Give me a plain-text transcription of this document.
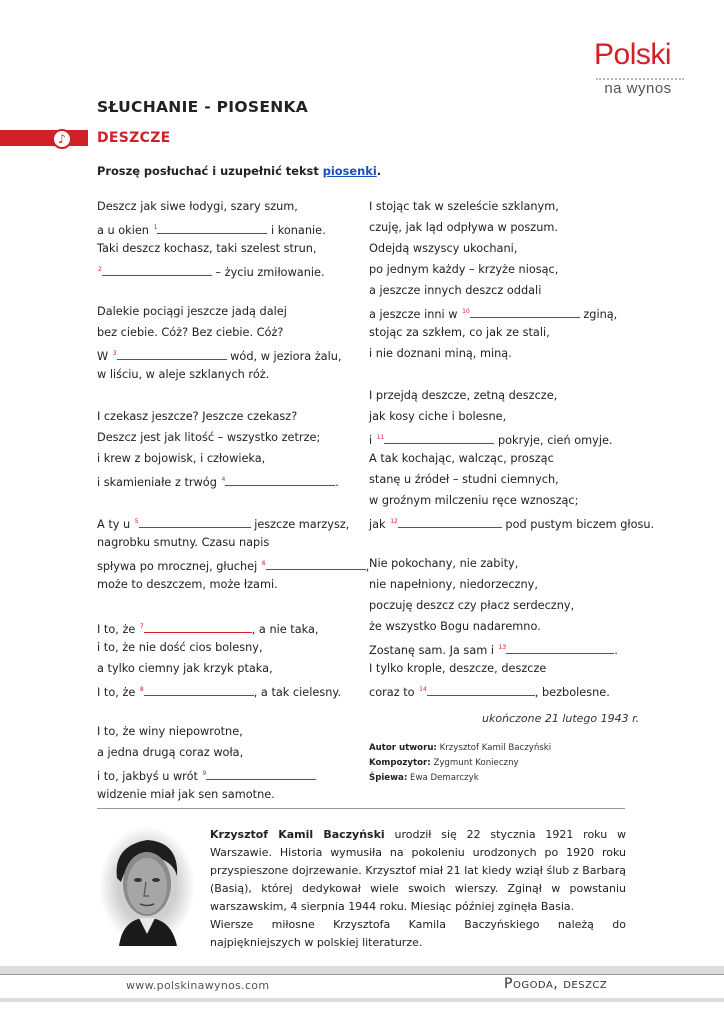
Polski
na wynos
SŁUCHANIE - PIOSENKA
♪	DESZCZE
Proszę posłuchać i uzupełnić tekst piosenki.
Deszcz jak siwe łodygi, szary szum,
a u okien $^1$	i konanie.
Taki deszcz kochasz, taki szelest strun,
$^2$	– życiu zmiłowanie.
Dalekie pociągi jeszcze jadą dalej
bez ciebie. Cóż? Bez ciebie. Cóż?
W $^3$	wód, w jeziora żalu,
w liściu, w aleje szklanych róż.
I czekasz jeszcze? Jeszcze czekasz?
Deszcz jest jak litość – wszystko zetrze;
i krew z bojowisk, i człowieka,
i skamieniałe z trwóg $^4$	.
A ty u $^5$	jeszcze marzysz,
nagrobku smutny. Czasu napis
spływa po mrocznej, głuchej $^6$	,
może to deszczem, może łzami.
I to, że $^7$	, a nie taka,
i to, że nie dość cios bolesny,
a tylko ciemny jak krzyk ptaka,
I to, że $^8$	, a tak cielesny.
I to, że winy niepowrotne,
a jedna drugą coraz woła,
i to, jakbyś u wrót $^9$
widzenie miał jak sen samotne.
I stojąc tak w szeleście szklanym,
czuję, jak ląd odpływa w poszum.
Odejdą wszyscy ukochani,
po jednym każdy – krzyże niosąc,
a jeszcze innych deszcz oddali
a jeszcze inni w $^{10}$	zginą,
stojąc za szkłem, co jak ze stali,
i nie doznani miną, miną.
I przejdą deszcze, zetną deszcze,
jak kosy ciche i bolesne,
i $^{11}$	pokryje, cień omyje.
A tak kochając, walcząc, prosząc
stanę u źródeł – studni ciemnych,
w groźnym milczeniu ręce wznosząc;
jak $^{12}$	pod pustym biczem głosu.
Nie pokochany, nie zabity,
nie napełniony, niedorzeczny,
poczuję deszcz czy płacz serdeczny,
że wszystko Bogu nadaremno.
Zostanę sam. Ja sam i $^{13}$	.
I tylko krople, deszcze, deszcze
coraz to $^{14}$	, bezbolesne.
ukończone 21 lutego 1943 r.
Autor utworu: Krzysztof Kamil Baczyński
Kompozytor: Zygmunt Konieczny
Śpiewa: Ewa Demarczyk

Krzysztof Kamil Baczyński urodził się 22 stycznia 1921 roku w Warszawie. Historia wymusiła na pokoleniu urodzonych po 1920 roku przyspieszone dojrzewanie. Krzysztof miał 21 lat kiedy wziął ślub z Barbarą (Basią), której dedykował wiele swoich wierszy. Zginął w powstaniu warszawskim, 4 sierpnia 1944 roku. Miesiąc później zginęła Basia.

Wiersze miłosne Krzysztofa Kamila Baczyńskiego należą do najpiękniejszych w polskiej literaturze.

www.polskinawynos.com	Pogoda, deszcz
